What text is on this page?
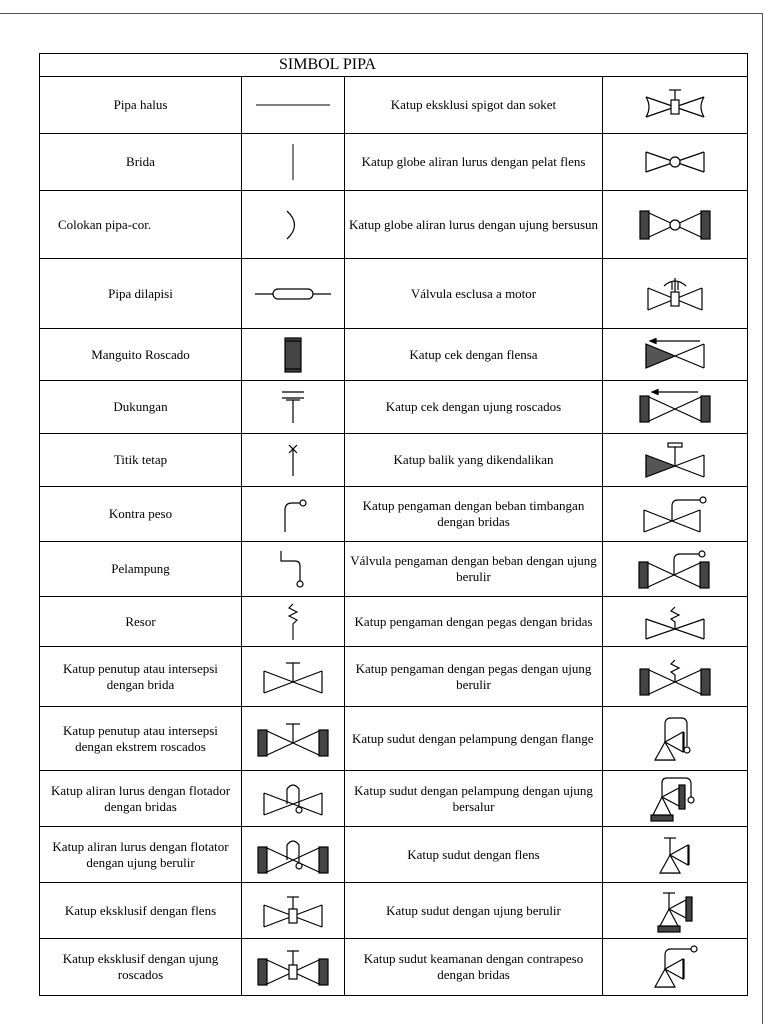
SIMBOL PIPA			
Pipa halus		Katup eksklusi spigot dan soket	

Brida		Katup globe aliran lurus dengan pelat flens	

Colokan pipa-cor.		Katup globe aliran lurus dengan ujung bersusun	

Pipa dilapisi		Válvula esclusa a motor	

Manguito Roscado		Katup cek dengan flensa	

Dukungan		Katup cek dengan ujung roscados	

Titik tetap		Katup balik yang dikendalikan	

Kontra peso		Katup pengaman dengan beban timbangan dengan bridas	

Pelampung		Válvula pengaman dengan beban dengan ujung berulir	

Resor		Katup pengaman dengan pegas dengan bridas	

Katup penutup atau intersepsi dengan brida		Katup pengaman dengan pegas dengan ujung berulir	

Katup penutup atau intersepsi dengan ekstrem roscados		Katup sudut dengan pelampung dengan flange	

Katup aliran lurus dengan flotador dengan bridas		Katup sudut dengan pelampung dengan ujung bersalur	

Katup aliran lurus dengan flotator dengan ujung berulir		Katup sudut dengan flens	

Katup eksklusif dengan flens		Katup sudut dengan ujung berulir	

Katup eksklusif dengan ujung roscados		Katup sudut keamanan dengan contrapeso dengan bridas	
